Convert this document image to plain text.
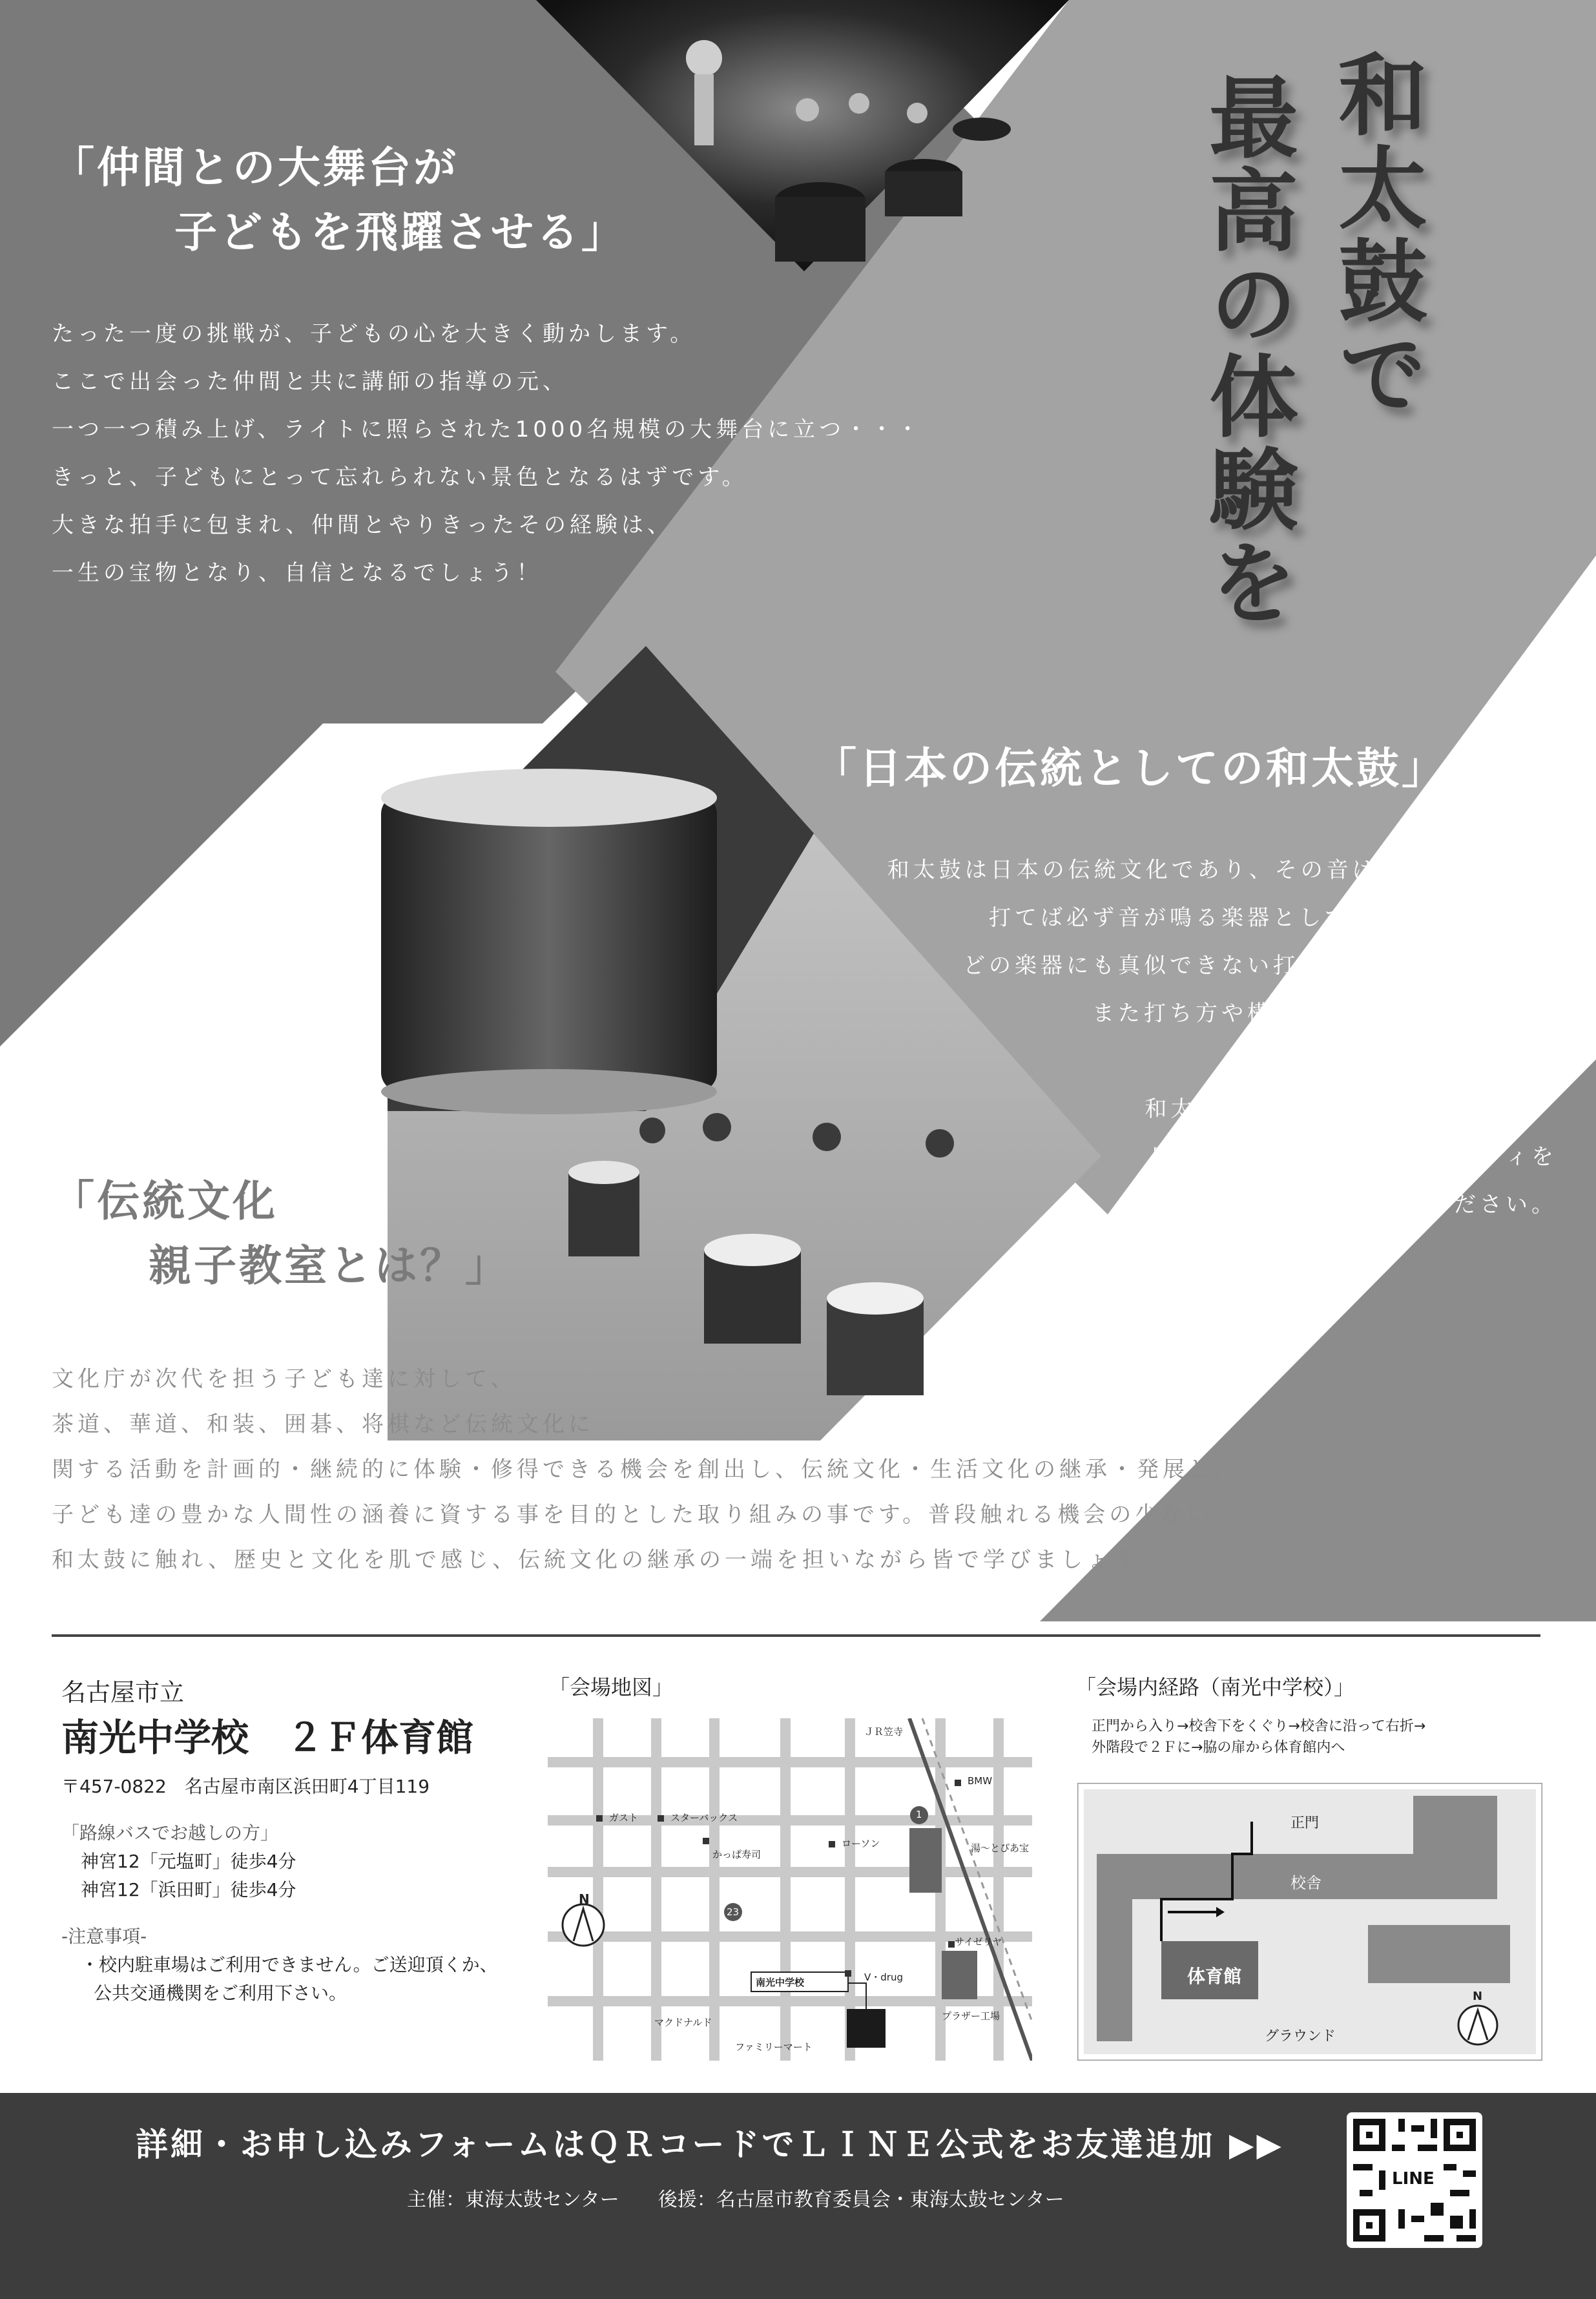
和太鼓で
最高の体験を
「仲間との大舞台が
子どもを飛躍させる」
たった一度の挑戦が、子どもの心を大きく動かします。
ここで出会った仲間と共に講師の指導の元、
一つ一つ積み上げ、ライトに照らされた1000名規模の大舞台に立つ・・・
きっと、子どもにとって忘れられない景色となるはずです。
大きな拍手に包まれ、仲間とやりきったその経験は、
一生の宝物となり、自信となるでしょう！
「日本の伝統としての和太鼓」
和太鼓は日本の伝統文化であり、その音は心に響きます。
打てば必ず音が鳴る楽器としての親しみやすさや
どの楽器にも真似できない打ち心地と最大級の音。
また打ち方や構え方を通して日本文化が
見えてきます。
和太鼓を通して日本の伝統を学び、
日本人としてのアイデンティティを
この機会に養ってください。
「伝統文化
親子教室とは？」
文化庁が次代を担う子ども達に対して、
茶道、華道、和装、囲碁、将棋など伝統文化に
関する活動を計画的・継続的に体験・修得できる機会を創出し、伝統文化・生活文化の継承・発展と、
子ども達の豊かな人間性の涵養に資する事を目的とした取り組みの事です。普段触れる機会の少ない
和太鼓に触れ、歴史と文化を肌で感じ、伝統文化の継承の一端を担いながら皆で学びましょう。
名古屋市立
南光中学校　２Ｆ体育館
〒457-0822　名古屋市南区浜田町4丁目119
「路線バスでお越しの方」
神宮12「元塩町」徒歩4分
神宮12「浜田町」徒歩4分
-注意事項-
・校内駐車場はご利用できません。ご送迎頂くか、
公共交通機関をご利用下さい。
「会場地図」
ＪＲ笠寺
BMW
ガスト	スターバックス
かっぱ寿司
ローソン	湯～とぴあ宝
サイゼリヤ
V・drug
マクドナルド
ファミリーマート
プラザー工場
南光中学校
1
23
N
「会場内経路（南光中学校）」
正門から入り→校舎下をくぐり→校舎に沿って右折→
外階段で２Ｆに→脇の扉から体育館内へ
正門
校舎
体育館
グラウンド
N
詳細・お申し込みフォームはＱＲコードでＬＩＮＥ公式をお友達追加 ▶▶
主催：東海太鼓センター　　後援：名古屋市教育委員会・東海太鼓センター
LINE
